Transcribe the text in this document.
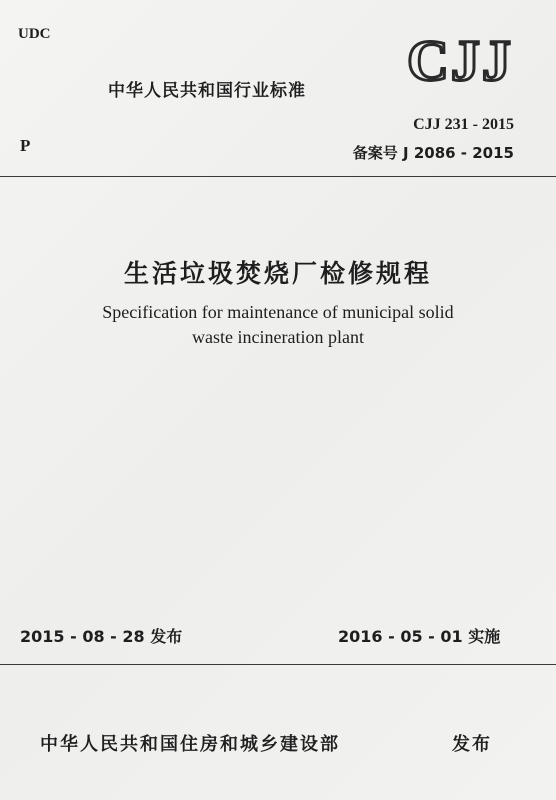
UDC
P
中华人民共和国行业标准 CJJ
CJJ 231 - 2015
备案号 J 2086 - 2015
生活垃圾焚烧厂检修规程
Specification for maintenance of municipal solid
waste incineration plant
2015 - 08 - 28 发布	2016 - 05 - 01 实施
中华人民共和国住房和城乡建设部	发布
